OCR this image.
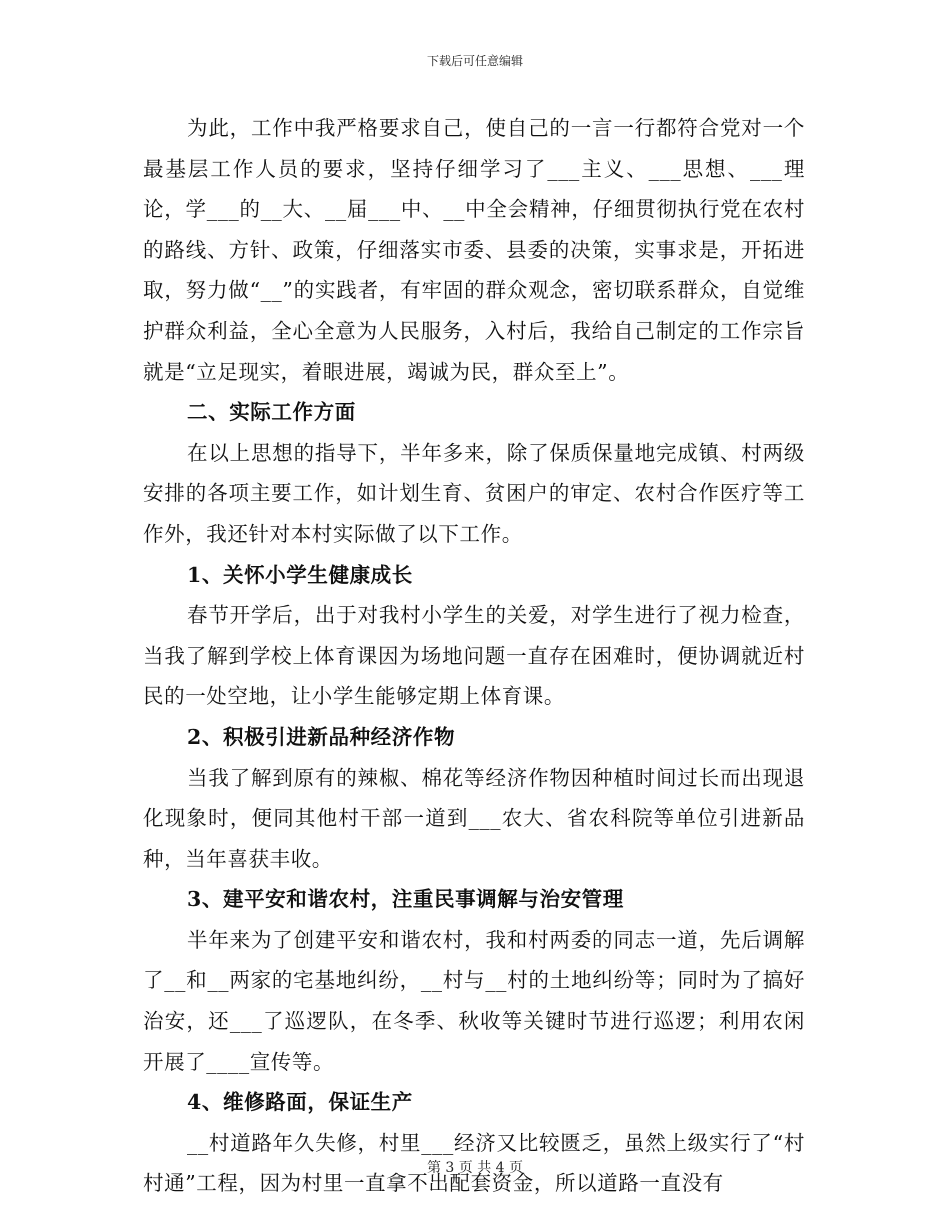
下载后可任意编辑

为此，工作中我严格要求自己，使自己的一言一行都符合党对一个最基层工作人员的要求，坚持仔细学习了___主义、___思想、___理论，学___的__大、__届___中、__中全会精神，仔细贯彻执行党在农村的路线、方针、政策，仔细落实市委、县委的决策，实事求是，开拓进取，努力做“__”的实践者，有牢固的群众观念，密切联系群众，自觉维护群众利益，全心全意为人民服务，入村后，我给自己制定的工作宗旨就是“立足现实，着眼进展，竭诚为民，群众至上”。

二、实际工作方面

在以上思想的指导下，半年多来，除了保质保量地完成镇、村两级安排的各项主要工作，如计划生育、贫困户的审定、农村合作医疗等工作外，我还针对本村实际做了以下工作。

1、关怀小学生健康成长

春节开学后，出于对我村小学生的关爱，对学生进行了视力检查，当我了解到学校上体育课因为场地问题一直存在困难时，便协调就近村民的一处空地，让小学生能够定期上体育课。

2、积极引进新品种经济作物

当我了解到原有的辣椒、棉花等经济作物因种植时间过长而出现退化现象时，便同其他村干部一道到___农大、省农科院等单位引进新品种，当年喜获丰收。

3、建平安和谐农村，注重民事调解与治安管理

半年来为了创建平安和谐农村，我和村两委的同志一道，先后调解了__和__两家的宅基地纠纷，__村与__村的土地纠纷等；同时为了搞好治安，还___了巡逻队，在冬季、秋收等关键时节进行巡逻；利用农闲开展了____宣传等。

4、维修路面，保证生产

__村道路年久失修，村里___经济又比较匮乏，虽然上级实行了“村村通”工程，因为村里一直拿不出配套资金，所以道路一直没有

第 3 页 共 4 页
